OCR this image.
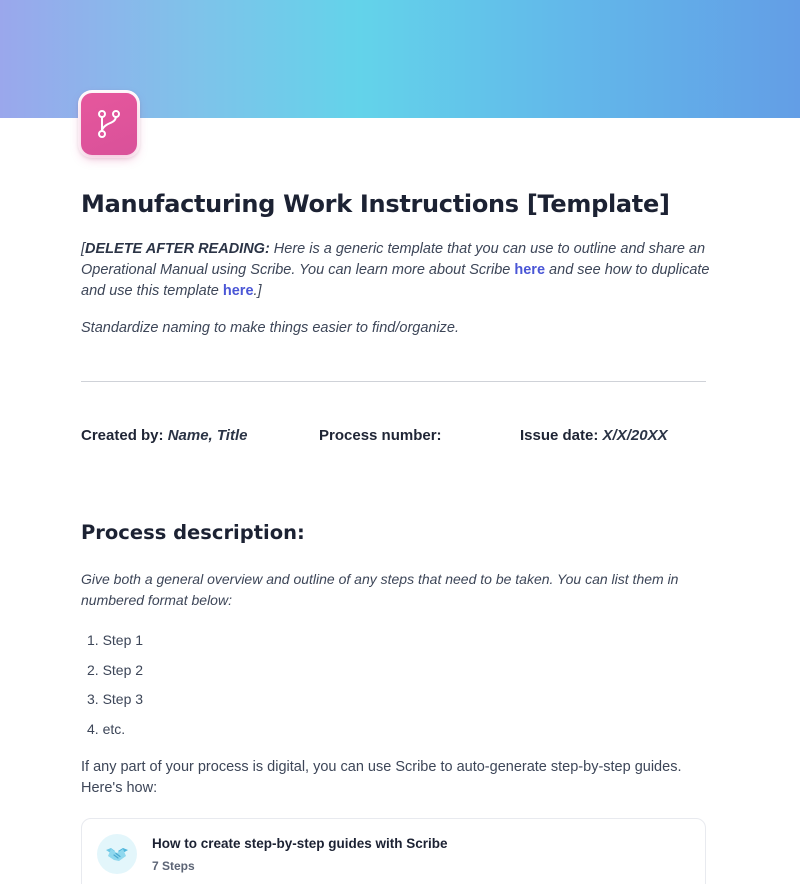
Manufacturing Work Instructions [Template]

[DELETE AFTER READING: Here is a generic template that you can use to outline and share an Operational Manual using Scribe. You can learn more about Scribe here and see how to duplicate and use this template here.]

Standardize naming to make things easier to find/organize.

Created by: Name, Title	Process number:	Issue date: X/X/20XX
Process description:

Give both a general overview and outline of any steps that need to be taken. You can list them in numbered format below:

1. Step 1
2. Step 2
3. Step 3
4. etc.

If any part of your process is digital, you can use Scribe to auto-generate step-by-step guides. Here's how:

How to create step-by-step guides with Scribe
7 Steps
